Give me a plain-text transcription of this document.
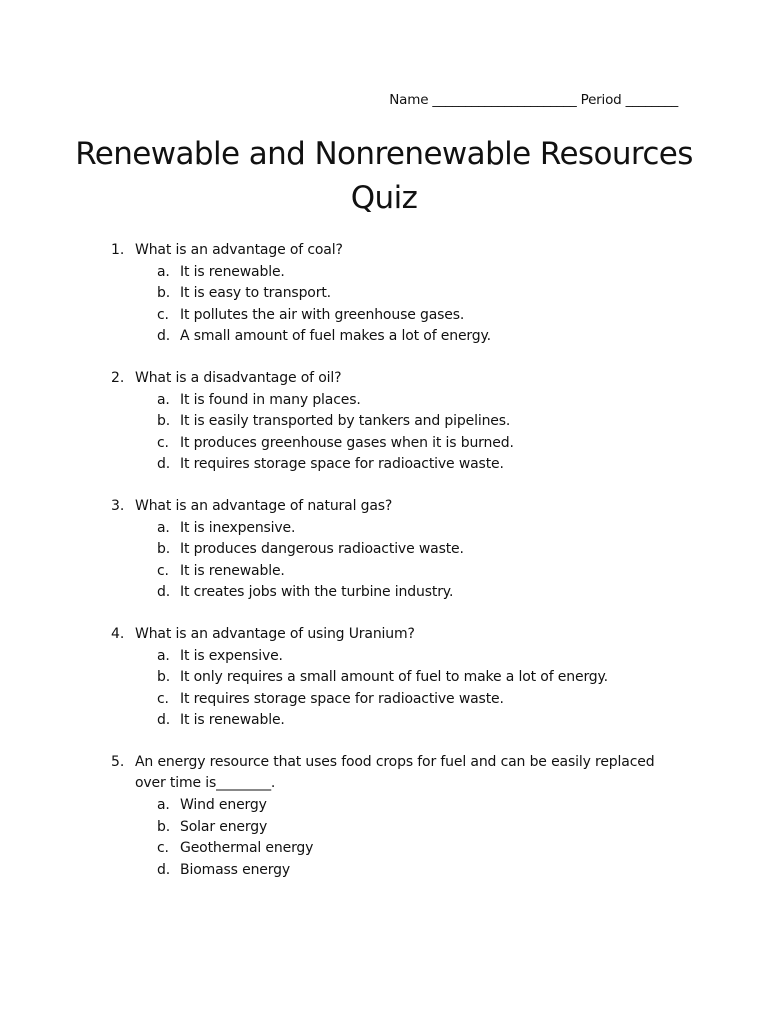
Name ______________________ Period ________
Renewable and Nonrenewable Resources
Quiz
1. What is an advantage of coal?
a. It is renewable.
b. It is easy to transport.
c. It pollutes the air with greenhouse gases.
d. A small amount of fuel makes a lot of energy.
2. What is a disadvantage of oil?
a. It is found in many places.
b. It is easily transported by tankers and pipelines.
c. It produces greenhouse gases when it is burned.
d. It requires storage space for radioactive waste.
3. What is an advantage of natural gas?
a. It is inexpensive.
b. It produces dangerous radioactive waste.
c. It is renewable.
d. It creates jobs with the turbine industry.
4. What is an advantage of using Uranium?
a. It is expensive.
b. It only requires a small amount of fuel to make a lot of energy.
c. It requires storage space for radioactive waste.
d. It is renewable.
5. An energy resource that uses food crops for fuel and can be easily replaced over time is________.
a. Wind energy
b. Solar energy
c. Geothermal energy
d. Biomass energy
